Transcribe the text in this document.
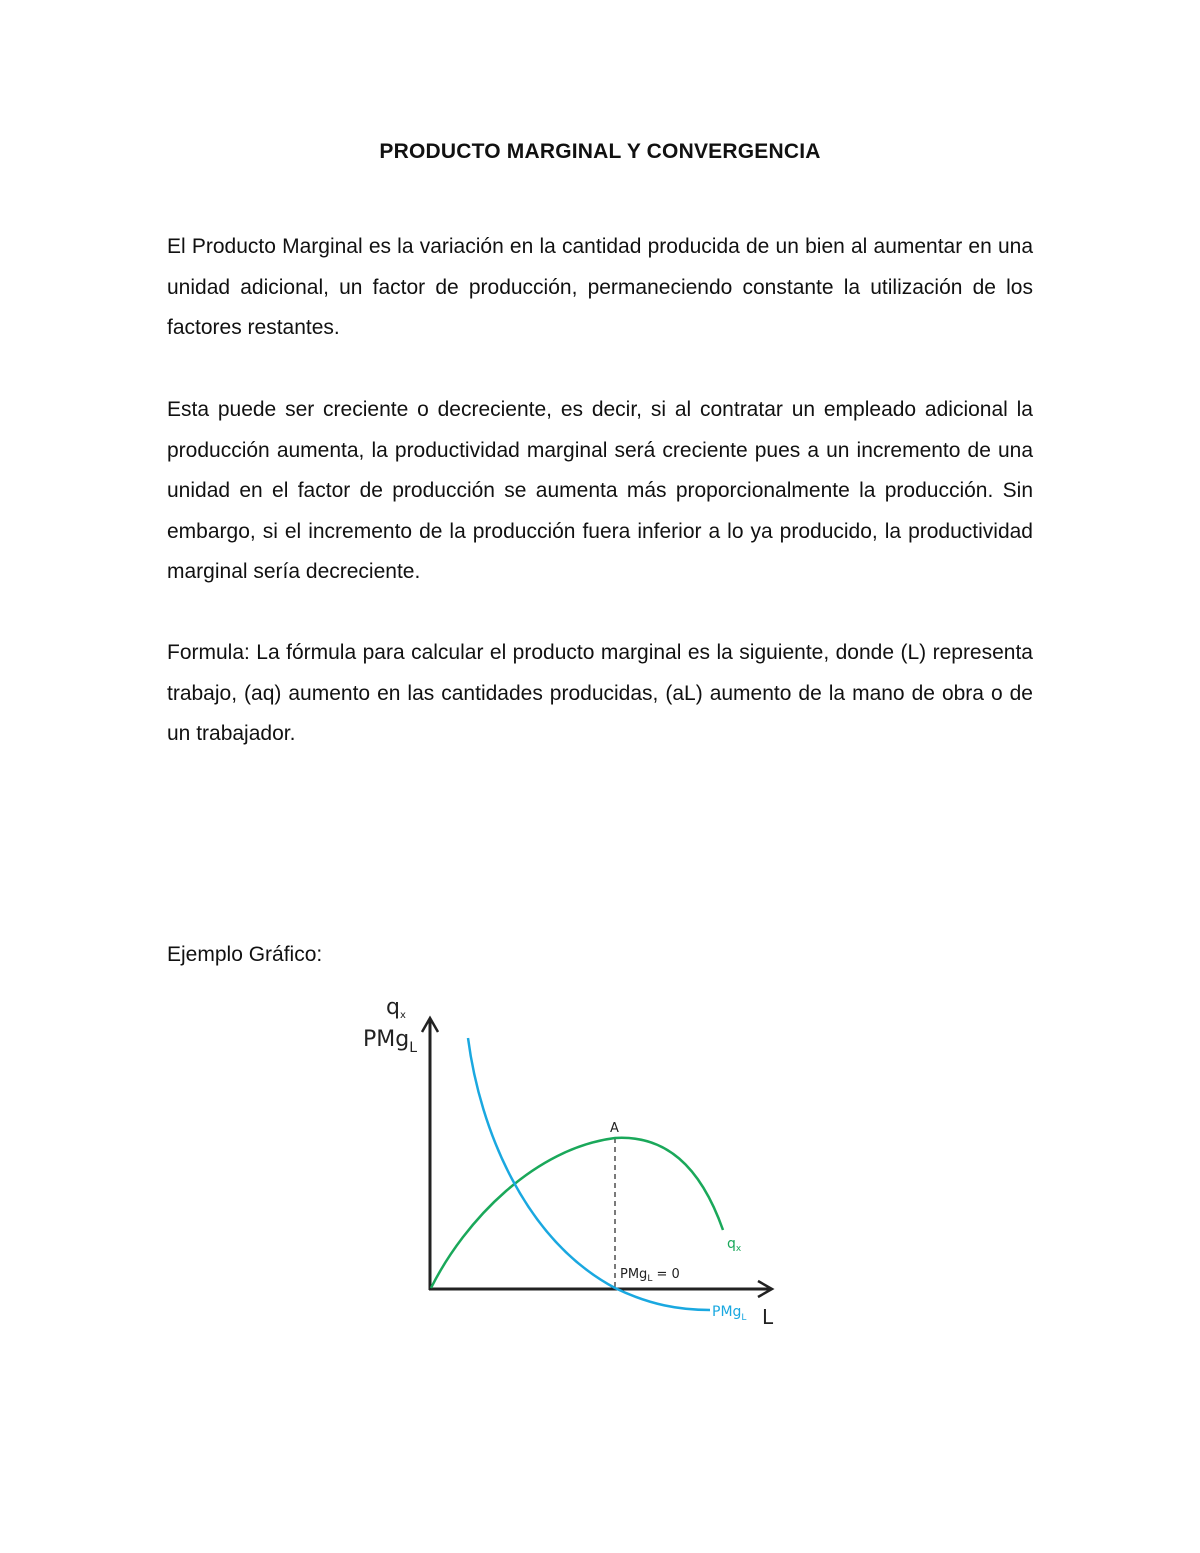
PRODUCTO MARGINAL Y CONVERGENCIA

El Producto Marginal es la variación en la cantidad producida de un bien al aumentar en una unidad adicional, un factor de producción, permaneciendo constante la utilización de los factores restantes.

Esta puede ser creciente o decreciente, es decir, si al contratar un empleado adicional la producción aumenta, la productividad marginal será creciente pues a un incremento de una unidad en el factor de producción se aumenta más proporcionalmente la producción. Sin embargo, si el incremento de la producción fuera inferior a lo ya producido, la productividad marginal sería decreciente.

Formula: La fórmula para calcular el producto marginal es la siguiente, donde (L) representa trabajo, (aq) aumento en las cantidades producidas, (aL) aumento de la mano de obra o de un trabajador.

Ejemplo Gráfico:
qx
PMg$_L$
L
A
PMg$_L$ = 0
$q_x$
PMg$_L$
